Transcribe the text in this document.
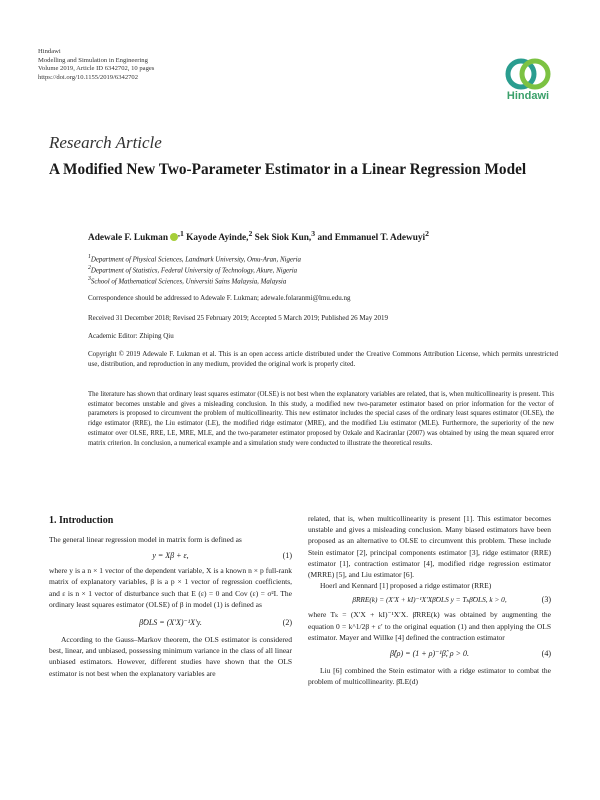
Hindawi
Modelling and Simulation in Engineering
Volume 2019, Article ID 6342702, 10 pages
https://doi.org/10.1155/2019/6342702
Hindawi
Research Article
A Modified New Two-Parameter Estimator in a Linear Regression Model
Adewale F. Lukman $^{,1}$ Kayode Ayinde,$^2$ Sek Siok Kun,$^3$ and Emmanuel T. Adewuyi$^2$
$^1$Department of Physical Sciences, Landmark University, Omu-Aran, Nigeria
$^2$Department of Statistics, Federal University of Technology, Akure, Nigeria
$^3$School of Mathematical Sciences, Universiti Sains Malaysia, Malaysia
Correspondence should be addressed to Adewale F. Lukman; adewale.folaranmi@lmu.edu.ng
Received 31 December 2018; Revised 25 February 2019; Accepted 5 March 2019; Published 26 May 2019
Academic Editor: Zhiping Qiu
Copyright © 2019 Adewale F. Lukman et al. This is an open access article distributed under the Creative Commons Attribution License, which permits unrestricted use, distribution, and reproduction in any medium, provided the original work is properly cited.
The literature has shown that ordinary least squares estimator (OLSE) is not best when the explanatory variables are related, that is, when multicollinearity is present. This estimator becomes unstable and gives a misleading conclusion. In this study, a modified new two-parameter estimator based on prior information for the vector of parameters is proposed to circumvent the problem of multicollinearity. This new estimator includes the special cases of the ordinary least squares estimator (OLSE), the ridge estimator (RRE), the Liu estimator (LE), the modified ridge estimator (MRE), and the modified Liu estimator (MLE). Furthermore, the superiority of the new estimator over OLSE, RRE, LE, MRE, MLE, and the two-parameter estimator proposed by Ozkale and Kaciranlar (2007) was obtained by using the mean squared error matrix criterion. In conclusion, a numerical example and a simulation study were conducted to illustrate the theoretical results.
1. Introduction

The general linear regression model in matrix form is defined as

y = Xβ + ε,	(1)

where y is a n × 1 vector of the dependent variable, X is a known n × p full-rank matrix of explanatory variables, β is a p × 1 vector of regression coefficients, and ε is n × 1 vector of disturbance such that E (ε) = 0 and Cov (ε) = σ²I. The ordinary least squares estimator (OLSE) of β in model (1) is defined as

β̂OLS = (X′X)⁻¹X′y.	(2)

According to the Gauss–Markov theorem, the OLS estimator is considered best, linear, and unbiased, possessing minimum variance in the class of all linear unbiased estimators. However, different studies have shown that the OLS estimator is not best when the explanatory variables are

related, that is, when multicollinearity is present [1]. This estimator becomes unstable and gives a misleading conclusion. Many biased estimators have been proposed as an alternative to OLSE to circumvent this problem. These include Stein estimator [2], principal components estimator [3], ridge estimator (RRE) estimator [1], contraction estimator [4], modified ridge regression estimator (MRRE) [5], and Liu estimator [6].

Hoerl and Kennard [1] proposed a ridge estimator (RRE)

β̂RRE(k) = (X′X + kI)⁻¹X′Xβ̂OLS y = Tₖβ̂OLS, k > 0,	(3)

where Tₖ = (X′X + kI)⁻¹X′X. β̂RRE(k) was obtained by augmenting the equation 0 = k^1/2β + ε′ to the original equation (1) and then applying the OLS estimator. Mayer and Willke [4] defined the contraction estimator

β̂(ρ) = (1 + ρ)⁻¹β̂, ρ > 0.	(4)

Liu [6] combined the Stein estimator with a ridge estimator to combat the problem of multicollinearity. β̂LE(d)
